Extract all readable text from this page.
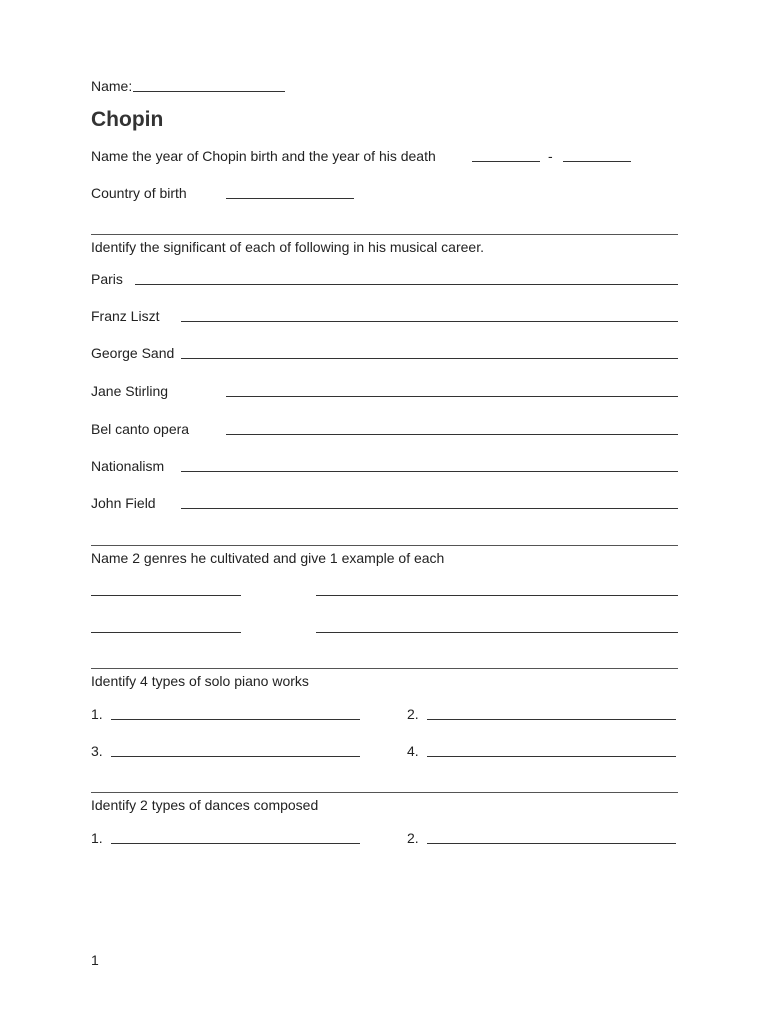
Name:
Chopin
Name the year of Chopin birth and the year of his death	-
Country of birth
Identify the significant of each of following in his musical career.
Paris
Franz Liszt
George Sand
Jane Stirling
Bel canto opera
Nationalism
John Field
Name 2 genres he cultivated and give 1 example of each
Identify 4 types of solo piano works
1.	2.
3.	4.
Identify 2 types of dances composed
1.	2.
1
